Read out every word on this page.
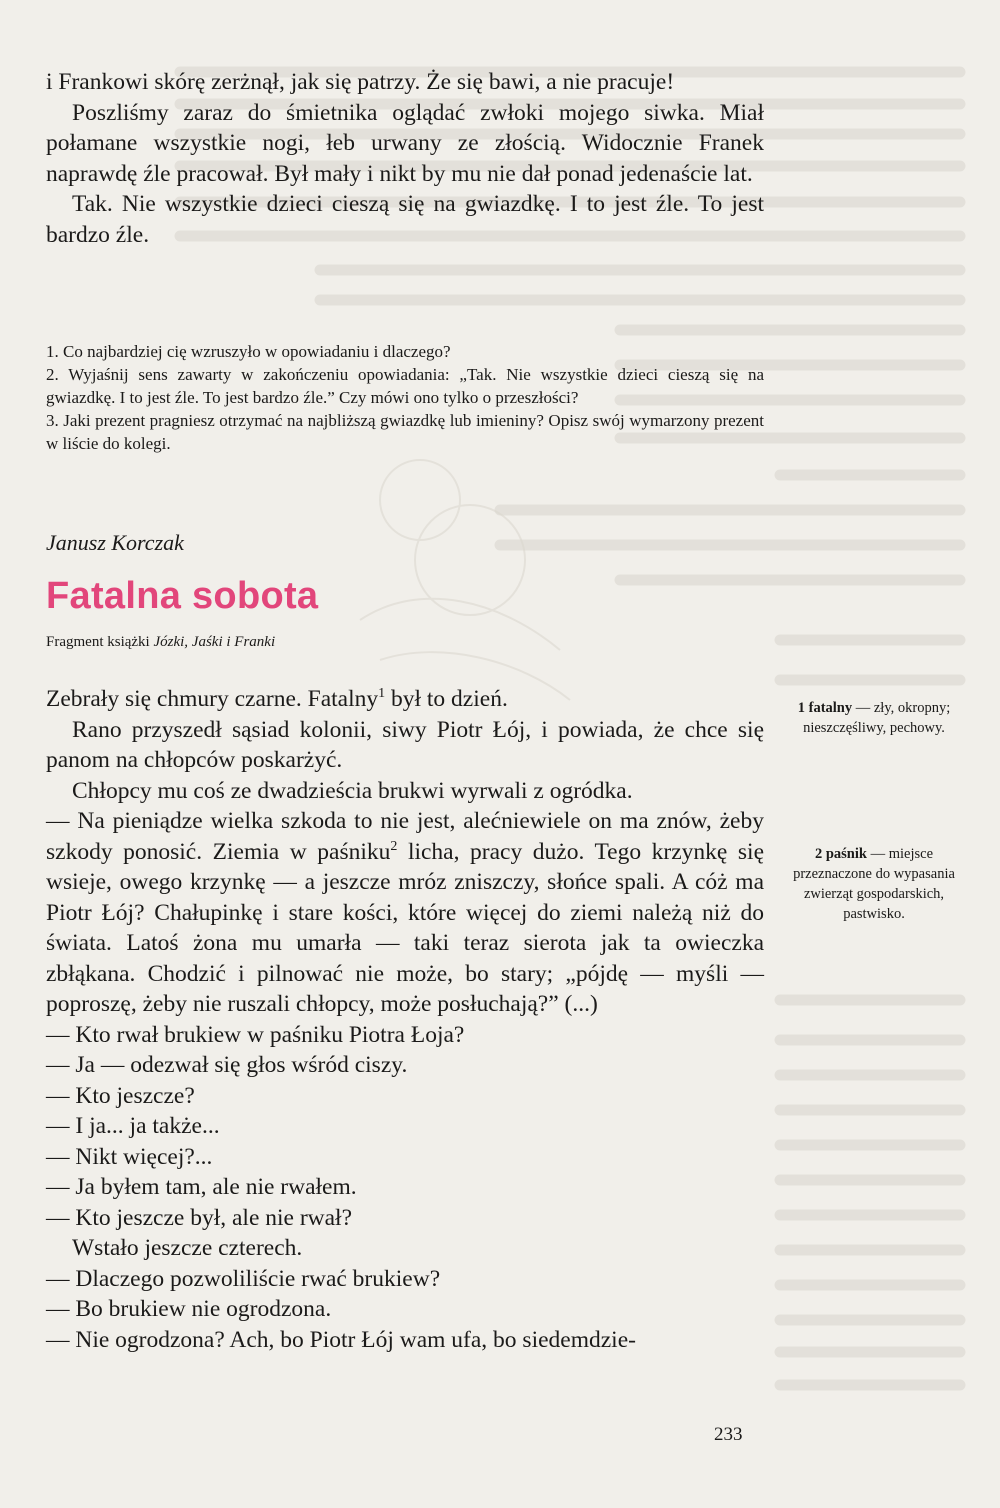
i Frankowi skórę zerżnął, jak się patrzy. Że się bawi, a nie pracuje!

Poszliśmy zaraz do śmietnika oglądać zwłoki mojego siwka. Miał połamane wszystkie nogi, łeb urwany ze złością. Widocznie Franek naprawdę źle pracował. Był mały i nikt by mu nie dał ponad jedenaście lat.

Tak. Nie wszystkie dzieci cieszą się na gwiazdkę. I to jest źle. To jest bardzo źle.

1. Co najbardziej cię wzruszyło w opowiadaniu i dlaczego?

2. Wyjaśnij sens zawarty w zakończeniu opowiadania: „Tak. Nie wszystkie dzieci cieszą się na gwiazdkę. I to jest źle. To jest bardzo źle.” Czy mówi ono tylko o przeszłości?

3. Jaki prezent pragniesz otrzymać na najbliższą gwiazdkę lub imieniny? Opisz swój wymarzony prezent w liście do kolegi.

Janusz Korczak
Fatalna sobota
Fragment książki Józki, Jaśki i Franki

Zebrały się chmury czarne. Fatalny$^1$ był to dzień.

Rano przyszedł sąsiad kolonii, siwy Piotr Łój, i powiada, że chce się panom na chłopców poskarżyć.

Chłopcy mu coś ze dwadzieścia brukwi wyrwali z ogródka.

— Na pieniądze wielka szkoda to nie jest, alećniewiele on ma znów, żeby szkody ponosić. Ziemia w paśniku$^2$ licha, pracy dużo. Tego krzynkę się wsieje, owego krzynkę — a jeszcze mróz zniszczy, słońce spali. A cóż ma Piotr Łój? Chałupinkę i stare kości, które więcej do ziemi należą niż do świata. Latoś żona mu umarła — taki teraz sierota jak ta owieczka zbłąkana. Chodzić i pilnować nie może, bo stary; „pójdę — myśli — poproszę, żeby nie ruszali chłopcy, może posłuchają?” (...)

— Kto rwał brukiew w paśniku Piotra Łoja?

— Ja — odezwał się głos wśród ciszy.

— Kto jeszcze?

— I ja... ja także...

— Nikt więcej?...

— Ja byłem tam, ale nie rwałem.

— Kto jeszcze był, ale nie rwał?

Wstało jeszcze czterech.

— Dlaczego pozwoliliście rwać brukiew?

— Bo brukiew nie ogrodzona.

— Nie ogrodzona? Ach, bo Piotr Łój wam ufa, bo siedemdzie-

1 fatalny — zły, okropny; nieszczęśliwy, pechowy.
2 paśnik — miejsce przeznaczone do wypasania zwierząt gospodarskich, pastwisko.
233
